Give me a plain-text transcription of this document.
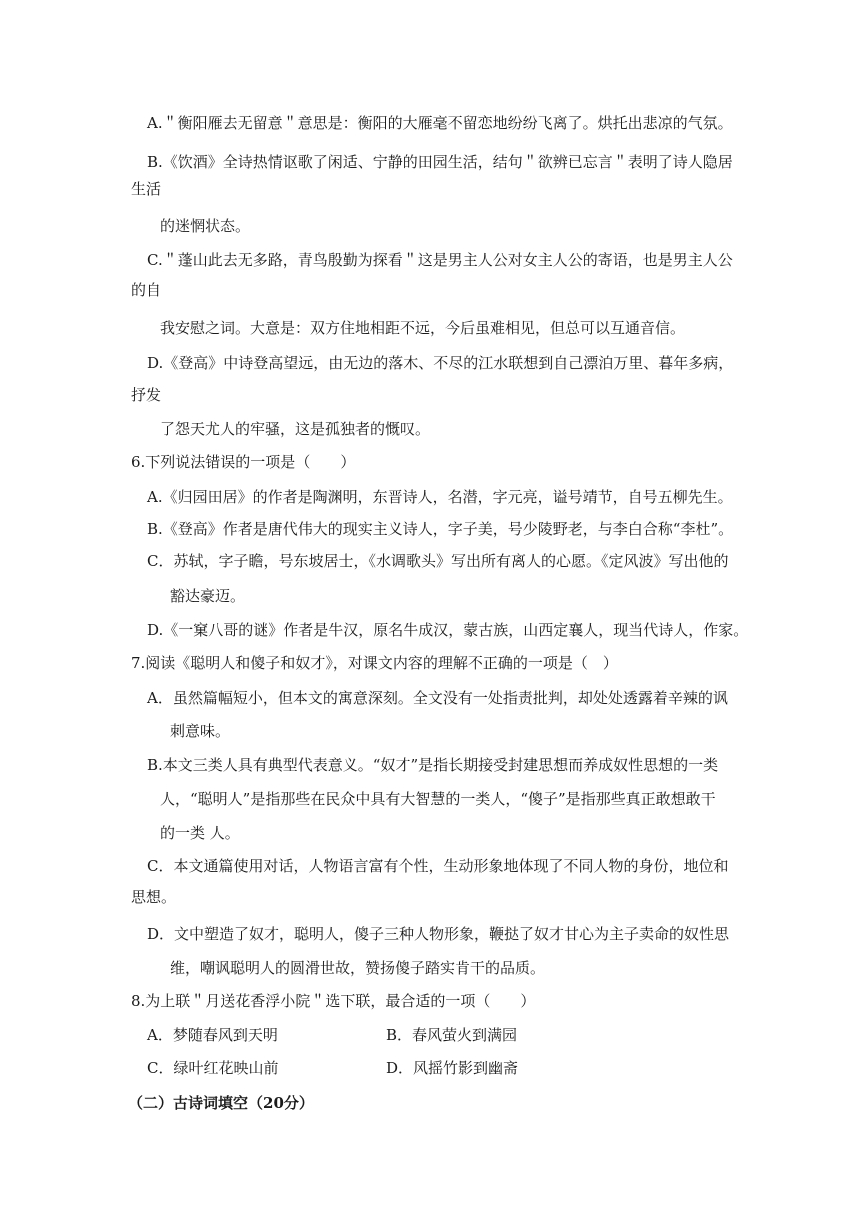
A.＂衡阳雁去无留意＂意思是：衡阳的大雁毫不留恋地纷纷飞离了。烘托出悲凉的气氛。
B.《饮酒》全诗热情讴歌了闲适、宁静的田园生活，结句＂欲辨已忘言＂表明了诗人隐居
生活
的迷惘状态。
C.＂蓬山此去无多路，青鸟殷勤为探看＂这是男主人公对女主人公的寄语，也是男主人公
的自
我安慰之词。大意是：双方住地相距不远，今后虽难相见，但总可以互通音信。
D.《登高》中诗登高望远，由无边的落木、不尽的江水联想到自己漂泊万里、暮年多病，
抒发
了怨天尤人的牢骚，这是孤独者的慨叹。
6.下列说法错误的一项是（　　）
A.《归园田居》的作者是陶渊明，东晋诗人，名潜，字元亮，谥号靖节，自号五柳先生。
B.《登高》作者是唐代伟大的现实主义诗人，字子美，号少陵野老，与李白合称“李杜”。
C．苏轼，字子瞻，号东坡居士，《水调歌头》写出所有离人的心愿。《定风波》写出他的
豁达豪迈。
D.《一窠八哥的谜》作者是牛汉，原名牛成汉，蒙古族，山西定襄人，现当代诗人，作家。
7.阅读《聪明人和傻子和奴才》，对课文内容的理解不正确的一项是（　）
A．虽然篇幅短小，但本文的寓意深刻。全文没有一处指责批判，却处处透露着辛辣的讽
刺意味。
B.本文三类人具有典型代表意义。“奴才”是指长期接受封建思想而养成奴性思想的一类
人，“聪明人”是指那些在民众中具有大智慧的一类人，“傻子”是指那些真正敢想敢干
的一类 人。
C．本文通篇使用对话，人物语言富有个性，生动形象地体现了不同人物的身份，地位和
思想。
D．文中塑造了奴才，聪明人，傻子三种人物形象，鞭挞了奴才甘心为主子卖命的奴性思
维，嘲讽聪明人的圆滑世故，赞扬傻子踏实肯干的品质。
8.为上联＂月送花香浮小院＂选下联，最合适的一项（　　）
A．梦随春风到天明	B．春风萤火到满园
C．绿叶红花映山前	D．风摇竹影到幽斋
（二）古诗词填空（20分）
